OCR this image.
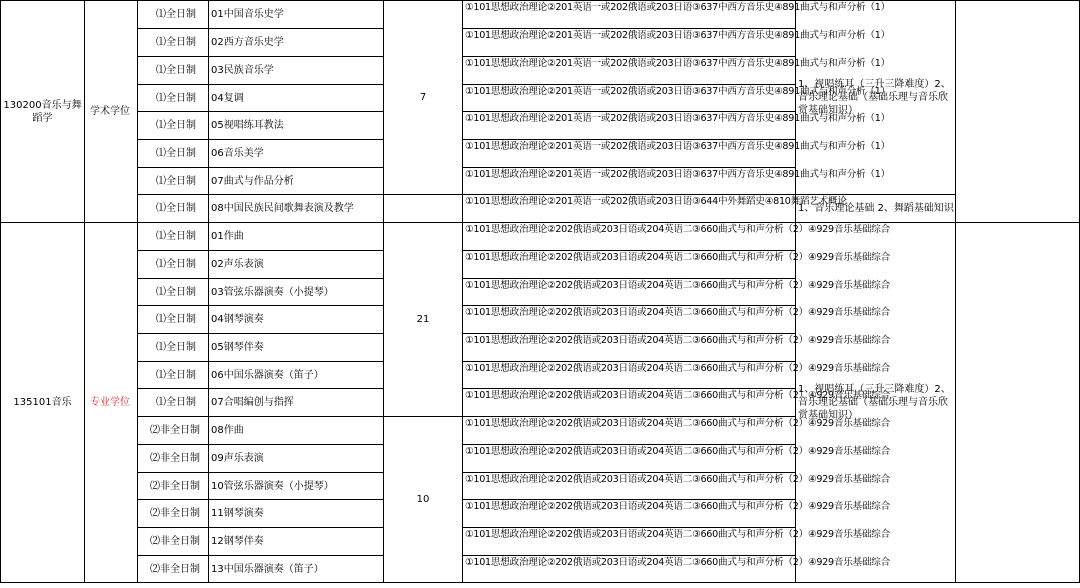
130200音乐与舞蹈学	学术学位	⑴全日制	01中国音乐史学	7	①101思想政治理论②201英语一或202俄语或203日语③637中西方音乐史④891曲式与和声分析（1）	1、视唱练耳（三升三降难度）2、音乐理论基础（基础乐理与音乐欣赏基础知识）	
		⑴全日制	02西方音乐史学		①101思想政治理论②201英语一或202俄语或203日语③637中西方音乐史④891曲式与和声分析（1）		
		⑴全日制	03民族音乐学		①101思想政治理论②201英语一或202俄语或203日语③637中西方音乐史④891曲式与和声分析（1）		
		⑴全日制	04复调		①101思想政治理论②201英语一或202俄语或203日语③637中西方音乐史④891曲式与和声分析（1）		
		⑴全日制	05视唱练耳教法		①101思想政治理论②201英语一或202俄语或203日语③637中西方音乐史④891曲式与和声分析（1）		
		⑴全日制	06音乐美学		①101思想政治理论②201英语一或202俄语或203日语③637中西方音乐史④891曲式与和声分析（1）		
		⑴全日制	07曲式与作品分析		①101思想政治理论②201英语一或202俄语或203日语③637中西方音乐史④891曲式与和声分析（1）		
		⑴全日制	08中国民族民间歌舞表演及教学		①101思想政治理论②201英语一或202俄语或203日语③644中外舞蹈史④810舞蹈艺术概论	1、音乐理论基础 2、舞蹈基础知识	
135101音乐	专业学位	⑴全日制	01作曲	21	①101思想政治理论②202俄语或203日语或204英语二③660曲式与和声分析（2）④929音乐基础综合	1、视唱练耳（三升三降难度）2、音乐理论基础（基础乐理与音乐欣赏基础知识）	
		⑴全日制	02声乐表演		①101思想政治理论②202俄语或203日语或204英语二③660曲式与和声分析（2）④929音乐基础综合		
		⑴全日制	03管弦乐器演奏（小提琴）		①101思想政治理论②202俄语或203日语或204英语二③660曲式与和声分析（2）④929音乐基础综合		
		⑴全日制	04钢琴演奏		①101思想政治理论②202俄语或203日语或204英语二③660曲式与和声分析（2）④929音乐基础综合		
		⑴全日制	05钢琴伴奏		①101思想政治理论②202俄语或203日语或204英语二③660曲式与和声分析（2）④929音乐基础综合		
		⑴全日制	06中国乐器演奏（笛子）		①101思想政治理论②202俄语或203日语或204英语二③660曲式与和声分析（2）④929音乐基础综合		
		⑴全日制	07合唱编创与指挥		①101思想政治理论②202俄语或203日语或204英语二③660曲式与和声分析（2）④929音乐基础综合		
		⑵非全日制	08作曲	10	①101思想政治理论②202俄语或203日语或204英语二③660曲式与和声分析（2）④929音乐基础综合		
		⑵非全日制	09声乐表演		①101思想政治理论②202俄语或203日语或204英语二③660曲式与和声分析（2）④929音乐基础综合		
		⑵非全日制	10管弦乐器演奏（小提琴）		①101思想政治理论②202俄语或203日语或204英语二③660曲式与和声分析（2）④929音乐基础综合		
		⑵非全日制	11钢琴演奏		①101思想政治理论②202俄语或203日语或204英语二③660曲式与和声分析（2）④929音乐基础综合		
		⑵非全日制	12钢琴伴奏		①101思想政治理论②202俄语或203日语或204英语二③660曲式与和声分析（2）④929音乐基础综合		
		⑵非全日制	13中国乐器演奏（笛子）		①101思想政治理论②202俄语或203日语或204英语二③660曲式与和声分析（2）④929音乐基础综合		
